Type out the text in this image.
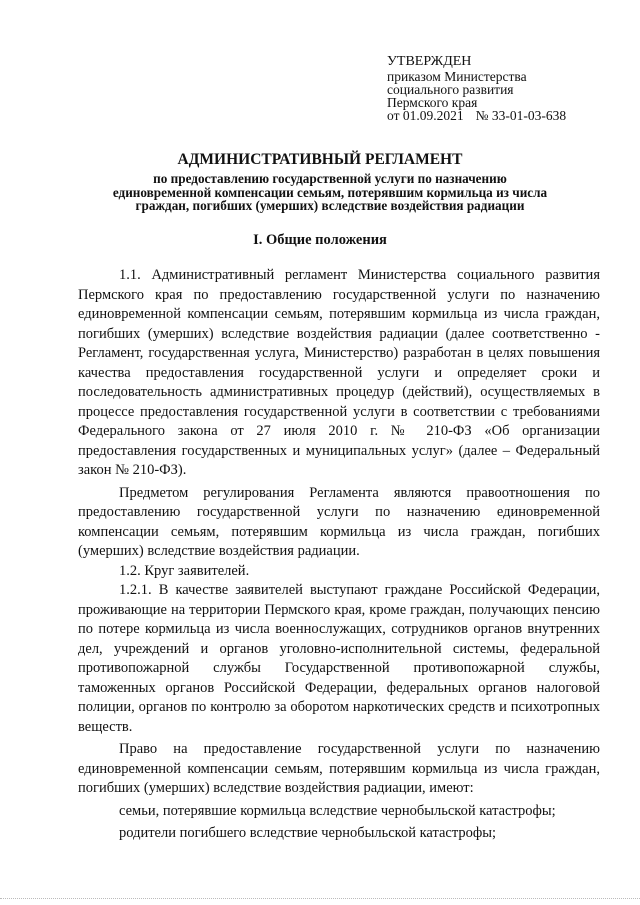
УТВЕРЖДЕН
приказом Министерства
социального развития
Пермского края
от 01.09.2021 № 33-01-03-638
АДМИНИСТРАТИВНЫЙ РЕГЛАМЕНТ
по предоставлению государственной услуги по назначению
единовременной компенсации семьям, потерявшим кормильца из числа
граждан, погибших (умерших) вследствие воздействия радиации
I. Общие положения

1.1. Административный регламент Министерства социального развития Пермского края по предоставлению государственной услуги по назначению единовременной компенсации семьям, потерявшим кормильца из числа граждан, погибших (умерших) вследствие воздействия радиации (далее соответственно - Регламент, государственная услуга, Министерство) разработан в целях повышения качества предоставления государственной услуги и определяет сроки и последовательность административных процедур (действий), осуществляемых в процессе предоставления государственной услуги в соответствии с требованиями Федерального закона от 27 июля 2010 г. № 210-ФЗ «Об организации предоставления государственных и муниципальных услуг» (далее – Федеральный закон № 210-ФЗ).

Предметом регулирования Регламента являются правоотношения по предоставлению государственной услуги по назначению единовременной компенсации семьям, потерявшим кормильца из числа граждан, погибших (умерших) вследствие воздействия радиации.

1.2. Круг заявителей.

1.2.1. В качестве заявителей выступают граждане Российской Федерации, проживающие на территории Пермского края, кроме граждан, получающих пенсию по потере кормильца из числа военнослужащих, сотрудников органов внутренних дел, учреждений и органов уголовно-исполнительной системы, федеральной противопожарной службы Государственной противопожарной службы, таможенных органов Российской Федерации, федеральных органов налоговой полиции, органов по контролю за оборотом наркотических средств и психотропных веществ.

Право на предоставление государственной услуги по назначению единовременной компенсации семьям, потерявшим кормильца из числа граждан, погибших (умерших) вследствие воздействия радиации, имеют:

семьи, потерявшие кормильца вследствие чернобыльской катастрофы;

родители погибшего вследствие чернобыльской катастрофы;
